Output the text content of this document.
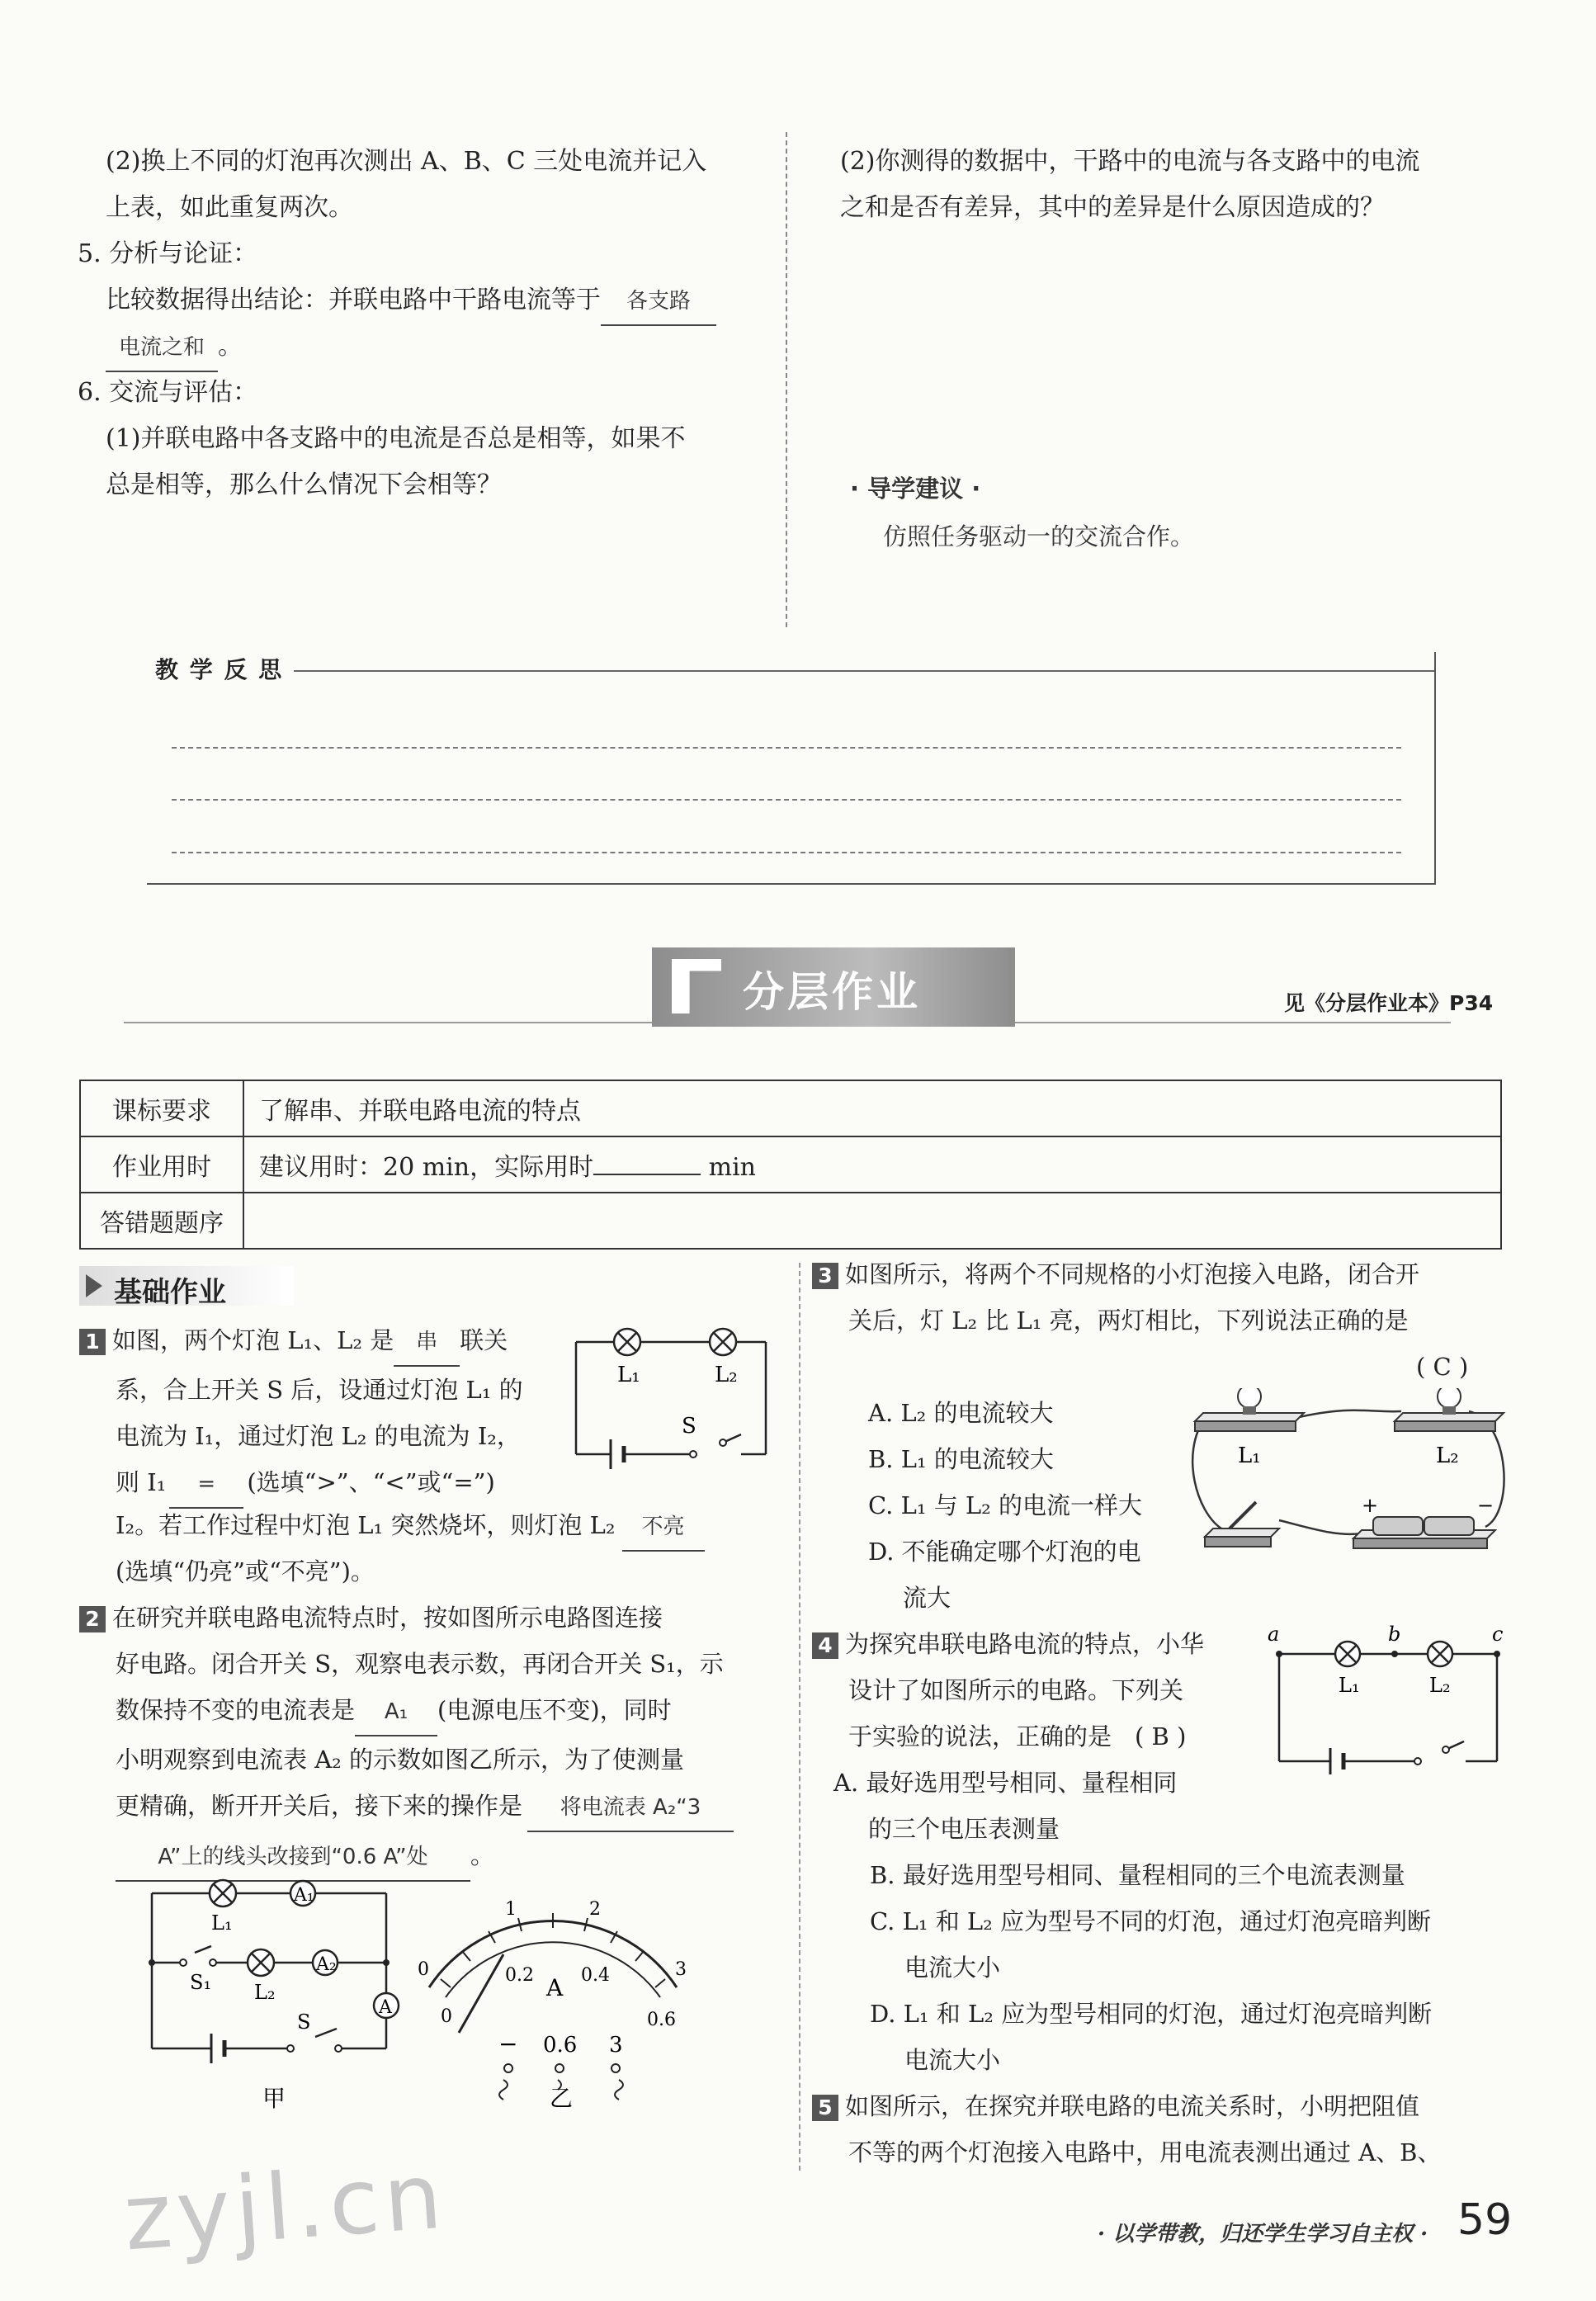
(2)换上不同的灯泡再次测出 A、B、C 三处电流并记入
上表，如此重复两次。
5. 分析与论证：
比较数据得出结论：并联电路中干路电流等于 各支路
电流之和 。
6. 交流与评估：
(1)并联电路中各支路中的电流是否总是相等，如果不
总是相等，那么什么情况下会相等？
(2)你测得的数据中，干路中的电流与各支路中的电流
之和是否有差异，其中的差异是什么原因造成的？
· 导学建议 ·
仿照任务驱动一的交流合作。
教 学 反 思
分层作业	见《分层作业本》P34
课标要求	了解串、并联电路电流的特点
作业用时	建议用时：20 min，实际用时 min
答错题题序	
基础作业
1 如图，两个灯泡 L₁、L₂ 是 串 联关
系，合上开关 S 后，设通过灯泡 L₁ 的
电流为 I₁，通过灯泡 L₂ 的电流为 I₂，
则 I₁ = (选填“>”、“<”或“=”)
I₂。若工作过程中灯泡 L₁ 突然烧坏，则灯泡 L₂ 不亮
(选填“仍亮”或“不亮”)。
L₁	L₂
S
2 在研究并联电路电流特点时，按如图所示电路图连接
好电路。闭合开关 S，观察电表示数，再闭合开关 S₁，示
数保持不变的电流表是 A₁ (电源电压不变)，同时
小明观察到电流表 A₂ 的示数如图乙所示，为了使测量
更精确，断开开关后，接下来的操作是 将电流表 A₂“3
A”上的线头改接到“0.6 A”处 。
A₁
A₂
A
L₁
S₁ L₂
S
甲
0
1	2
3
0
0.2	0.4
0.6
A
− 0.6 3
乙
3 如图所示，将两个不同规格的小灯泡接入电路，闭合开
关后，灯 L₂ 比 L₁ 亮，两灯相比，下列说法正确的是
( C )
A. L₂ 的电流较大
B. L₁ 的电流较大
C. L₁ 与 L₂ 的电流一样大
D. 不能确定哪个灯泡的电
流大
L₁	L₂
+	−
4 为探究串联电路电流的特点，小华
设计了如图所示的电路。下列关
于实验的说法，正确的是 ( B )
A. 最好选用型号相同、量程相同
的三个电压表测量
B. 最好选用型号相同、量程相同的三个电流表测量
C. L₁ 和 L₂ 应为型号不同的灯泡，通过灯泡亮暗判断
电流大小
D. L₁ 和 L₂ 应为型号相同的灯泡，通过灯泡亮暗判断
电流大小
a	b	c
L₁	L₂
5 如图所示，在探究并联电路的电流关系时，小明把阻值
不等的两个灯泡接入电路中，用电流表测出通过 A、B、
zyjl.cn	· 以学带教，归还学生学习自主权 · 59
